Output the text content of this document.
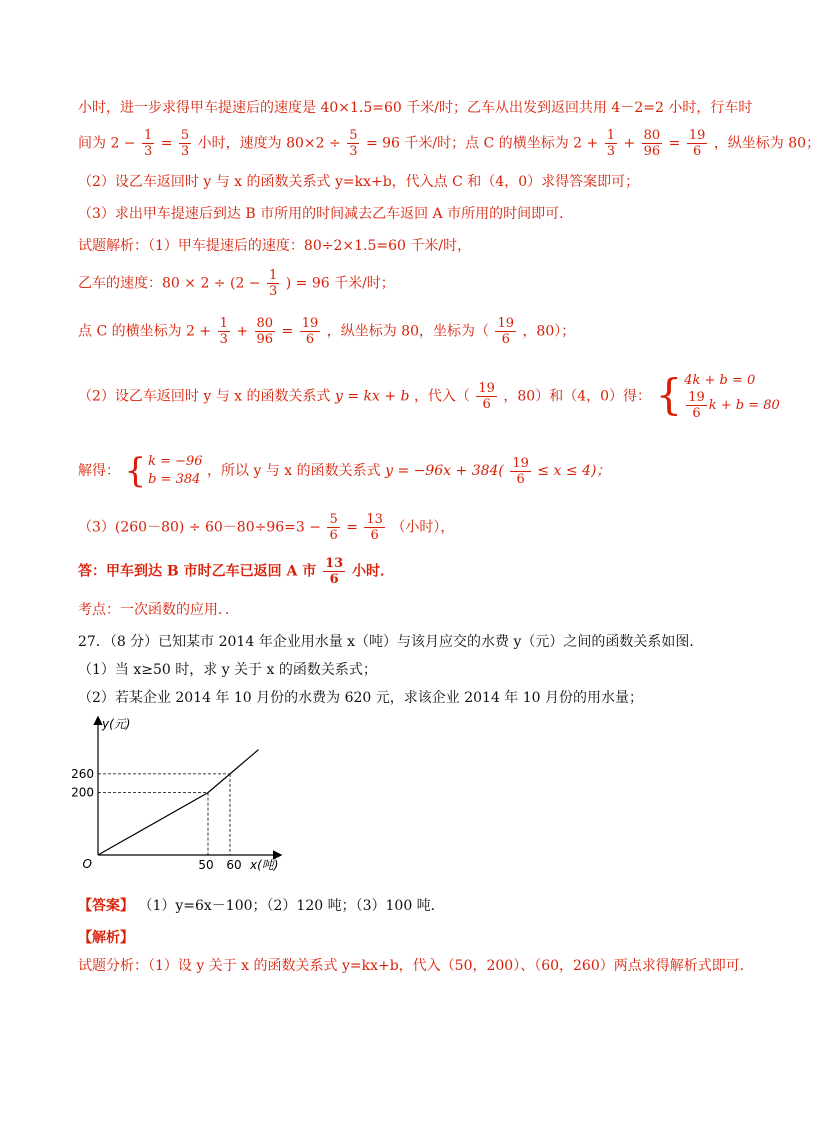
小时，进一步求得甲车提速后的速度是 40×1.5=60 千米/时；乙车从出发到返回共用 4－2=2 小时，行车时
间为 $2 - \frac{1}{3} = \frac{5}{3}$ 小时，速度为 $80\times 2 \div \frac{5}{3} = 96$ 千米/时；点 C 的横坐标为 $2 + \frac{1}{3} + \frac{80}{96} = \frac{19}{6}$ ，纵坐标为 80；
（2）设乙车返回时 y 与 x 的函数关系式 y=kx+b，代入点 C 和（4，0）求得答案即可；
（3）求出甲车提速后到达 B 市所用的时间减去乙车返回 A 市所用的时间即可．
试题解析：（1）甲车提速后的速度：80÷2×1.5=60 千米/时，
乙车的速度：$80 \times 2 \div (2 - \frac{1}{3}$ ) = 96 千米/时；
点 C 的横坐标为 $2 + \frac{1}{3} + \frac{80}{96} = \frac{19}{6}$ ，纵坐标为 80，坐标为（ $\frac{19}{6}$ ，80）；
（2）设乙车返回时 y 与 x 的函数关系式 y = kx + b ，代入（ $\frac{19}{6}$ ，80）和（4，0）得： { 4k + b = 0
$\frac{19}{6}$ k + b = 80
解得： { k = −96
b = 384
，所以 y 与 x 的函数关系式 $y = -96x + 384( \frac{19}{6} \le x \le 4)$；
$(3)(260-80) \div 60-80\div 96=3 - \frac{5}{6} = \frac{13}{6}$ （小时），
答：甲车到达 B 市时乙车已返回 A 市 $\frac{13}{6}$ 小时．
考点：一次函数的应用．．
27．（8 分）已知某市 2014 年企业用水量 x（吨）与该月应交的水费 y（元）之间的函数关系如图．
（1）当 x≥50 时，求 y 关于 x 的函数关系式；
（2）若某企业 2014 年 10 月份的水费为 620 元，求该企业 2014 年 10 月份的用水量；
y(元)
x(吨)
O	50 60
200
260
【答案】 （1）y=6x－100；（2）120 吨；（3）100 吨．
【解析】
试题分析：（1）设 y 关于 x 的函数关系式 y=kx+b，代入（50，200）、（60，260）两点求得解析式即可．
